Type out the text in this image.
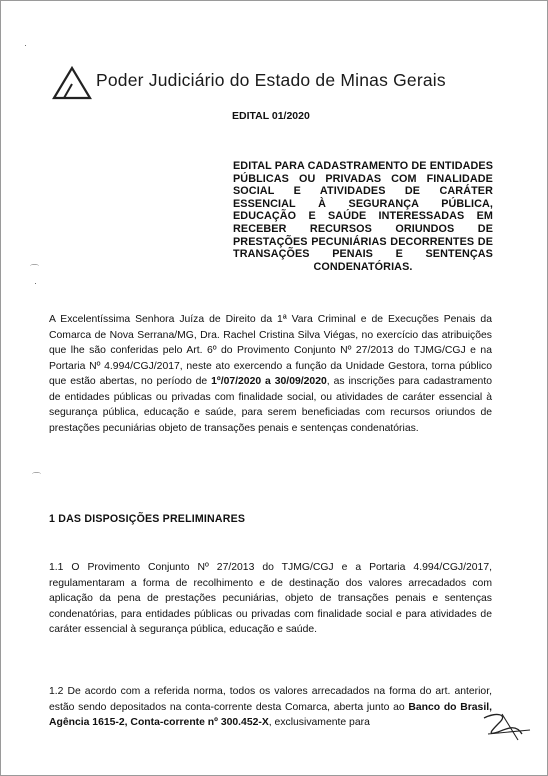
·
⌒
·
⌒
Poder Judiciário do Estado de Minas Gerais
EDITAL 01/2020
EDITAL PARA CADASTRAMENTO DE ENTIDADES PÚBLICAS OU PRIVADAS COM FINALIDADE SOCIAL E ATIVIDADES DE CARÁTER ESSENCIAL À SEGURANÇA PÚBLICA, EDUCAÇÃO E SAÚDE INTERESSADAS EM RECEBER RECURSOS ORIUNDOS DE PRESTAÇÕES PECUNIÁRIAS DECORRENTES DE TRANSAÇÕES PENAIS E SENTENÇAS CONDENATÓRIAS.
A Excelentíssima Senhora Juíza de Direito da 1ª Vara Criminal e de Execuções Penais da Comarca de Nova Serrana/MG, Dra. Rachel Cristina Silva Viégas, no exercício das atribuições que lhe são conferidas pelo Art. 6º do Provimento Conjunto Nº 27/2013 do TJMG/CGJ e na Portaria Nº 4.994/CGJ/2017, neste ato exercendo a função da Unidade Gestora, torna público que estão abertas, no período de 1º/07/2020 a 30/09/2020, as inscrições para cadastramento de entidades públicas ou privadas com finalidade social, ou atividades de caráter essencial à segurança pública, educação e saúde, para serem beneficiadas com recursos oriundos de prestações pecuniárias objeto de transações penais e sentenças condenatórias.
1 DAS DISPOSIÇÕES PRELIMINARES
1.1 O Provimento Conjunto Nº 27/2013 do TJMG/CGJ e a Portaria 4.994/CGJ/2017, regulamentaram a forma de recolhimento e de destinação dos valores arrecadados com aplicação da pena de prestações pecuniárias, objeto de transações penais e sentenças condenatórias, para entidades públicas ou privadas com finalidade social e para atividades de caráter essencial à segurança pública, educação e saúde.
1.2 De acordo com a referida norma, todos os valores arrecadados na forma do art. anterior, estão sendo depositados na conta-corrente desta Comarca, aberta junto ao Banco do Brasil, Agência 1615-2, Conta-corrente nº 300.452-X, exclusivamente para
